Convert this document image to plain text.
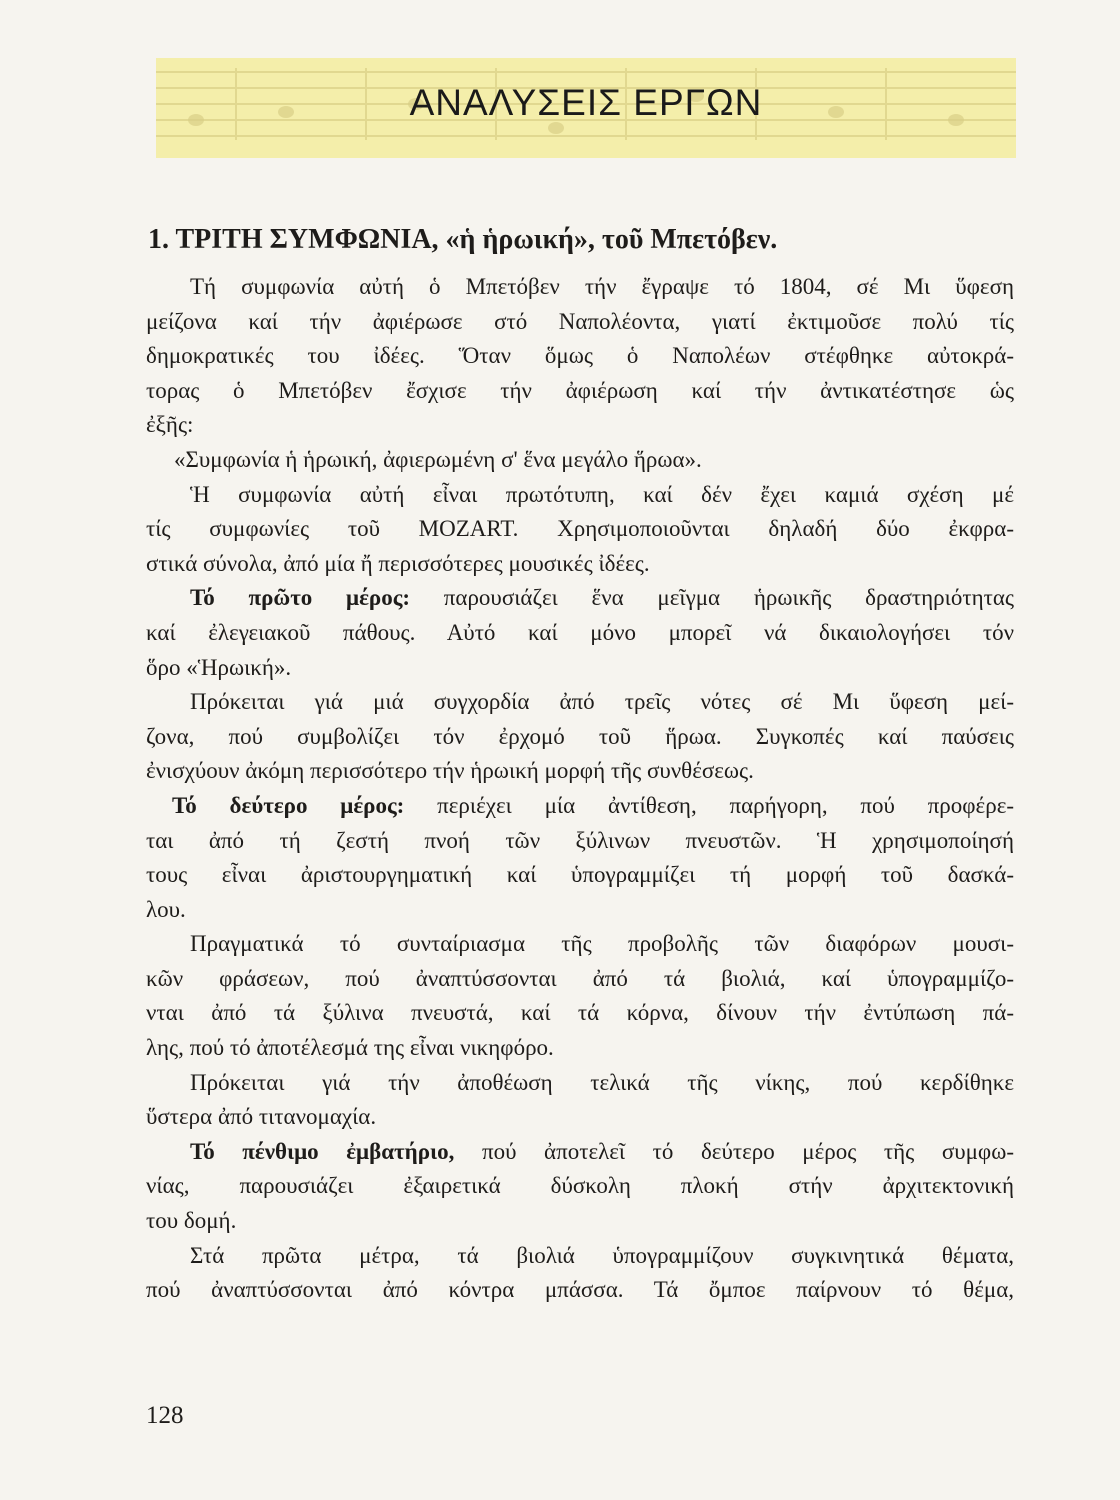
ΑΝΑΛΥΣΕΙΣ ΕΡΓΩΝ
1. ΤΡΙΤΗ ΣΥΜΦΩΝΙΑ, «ἡ ἡρωική», τοῦ Μπετόβεν.
Τή συμφωνία αὐτή ὁ Μπετόβεν τήν ἔγραψε τό 1804, σέ Μι ὕφεση
μείζονα καί τήν ἀφιέρωσε στό Ναπολέοντα, γιατί ἐκτιμοῦσε πολύ τίς
δημοκρατικές του ἰδέες. Ὅταν ὅμως ὁ Ναπολέων στέφθηκε αὐτοκρά-
τορας ὁ Μπετόβεν ἔσχισε τήν ἀφιέρωση καί τήν ἀντικατέστησε ὡς
ἐξῆς:
«Συμφωνία ἡ ἡρωική, ἀφιερωμένη σ' ἕνα μεγάλο ἥρωα».
Ἡ συμφωνία αὐτή εἶναι πρωτότυπη, καί δέν ἔχει καμιά σχέση μέ
τίς συμφωνίες τοῦ MOZART. Χρησιμοποιοῦνται δηλαδή δύο ἐκφρα-
στικά σύνολα, ἀπό μία ἤ περισσότερες μουσικές ἰδέες.
Τό πρῶτο μέρος: παρουσιάζει ἕνα μεῖγμα ἡρωικῆς δραστηριότητας
καί ἐλεγειακοῦ πάθους. Αὐτό καί μόνο μπορεῖ νά δικαιολογήσει τόν
ὅρο «Ἡρωική».
Πρόκειται γιά μιά συγχορδία ἀπό τρεῖς νότες σέ Μι ὕφεση μεί-
ζονα, πού συμβολίζει τόν ἐρχομό τοῦ ἥρωα. Συγκοπές καί παύσεις
ἐνισχύουν ἀκόμη περισσότερο τήν ἡρωική μορφή τῆς συνθέσεως.
Τό δεύτερο μέρος: περιέχει μία ἀντίθεση, παρήγορη, πού προφέρε-
ται ἀπό τή ζεστή πνοή τῶν ξύλινων πνευστῶν. Ἡ χρησιμοποίησή
τους εἶναι ἀριστουργηματική καί ὑπογραμμίζει τή μορφή τοῦ δασκά-
λου.
Πραγματικά τό συνταίριασμα τῆς προβολῆς τῶν διαφόρων μουσι-
κῶν φράσεων, πού ἀναπτύσσονται ἀπό τά βιολιά, καί ὑπογραμμίζο-
νται ἀπό τά ξύλινα πνευστά, καί τά κόρνα, δίνουν τήν ἐντύπωση πά-
λης, πού τό ἀποτέλεσμά της εἶναι νικηφόρο.
Πρόκειται γιά τήν ἀποθέωση τελικά τῆς νίκης, πού κερδίθηκε
ὕστερα ἀπό τιτανομαχία.
Τό πένθιμο ἐμβατήριο, πού ἀποτελεῖ τό δεύτερο μέρος τῆς συμφω-
νίας, παρουσιάζει ἐξαιρετικά δύσκολη πλοκή στήν ἀρχιτεκτονική
του δομή.
Στά πρῶτα μέτρα, τά βιολιά ὑπογραμμίζουν συγκινητικά θέματα,
πού ἀναπτύσσονται ἀπό κόντρα μπάσσα. Τά ὄμποε παίρνουν τό θέμα,
128
